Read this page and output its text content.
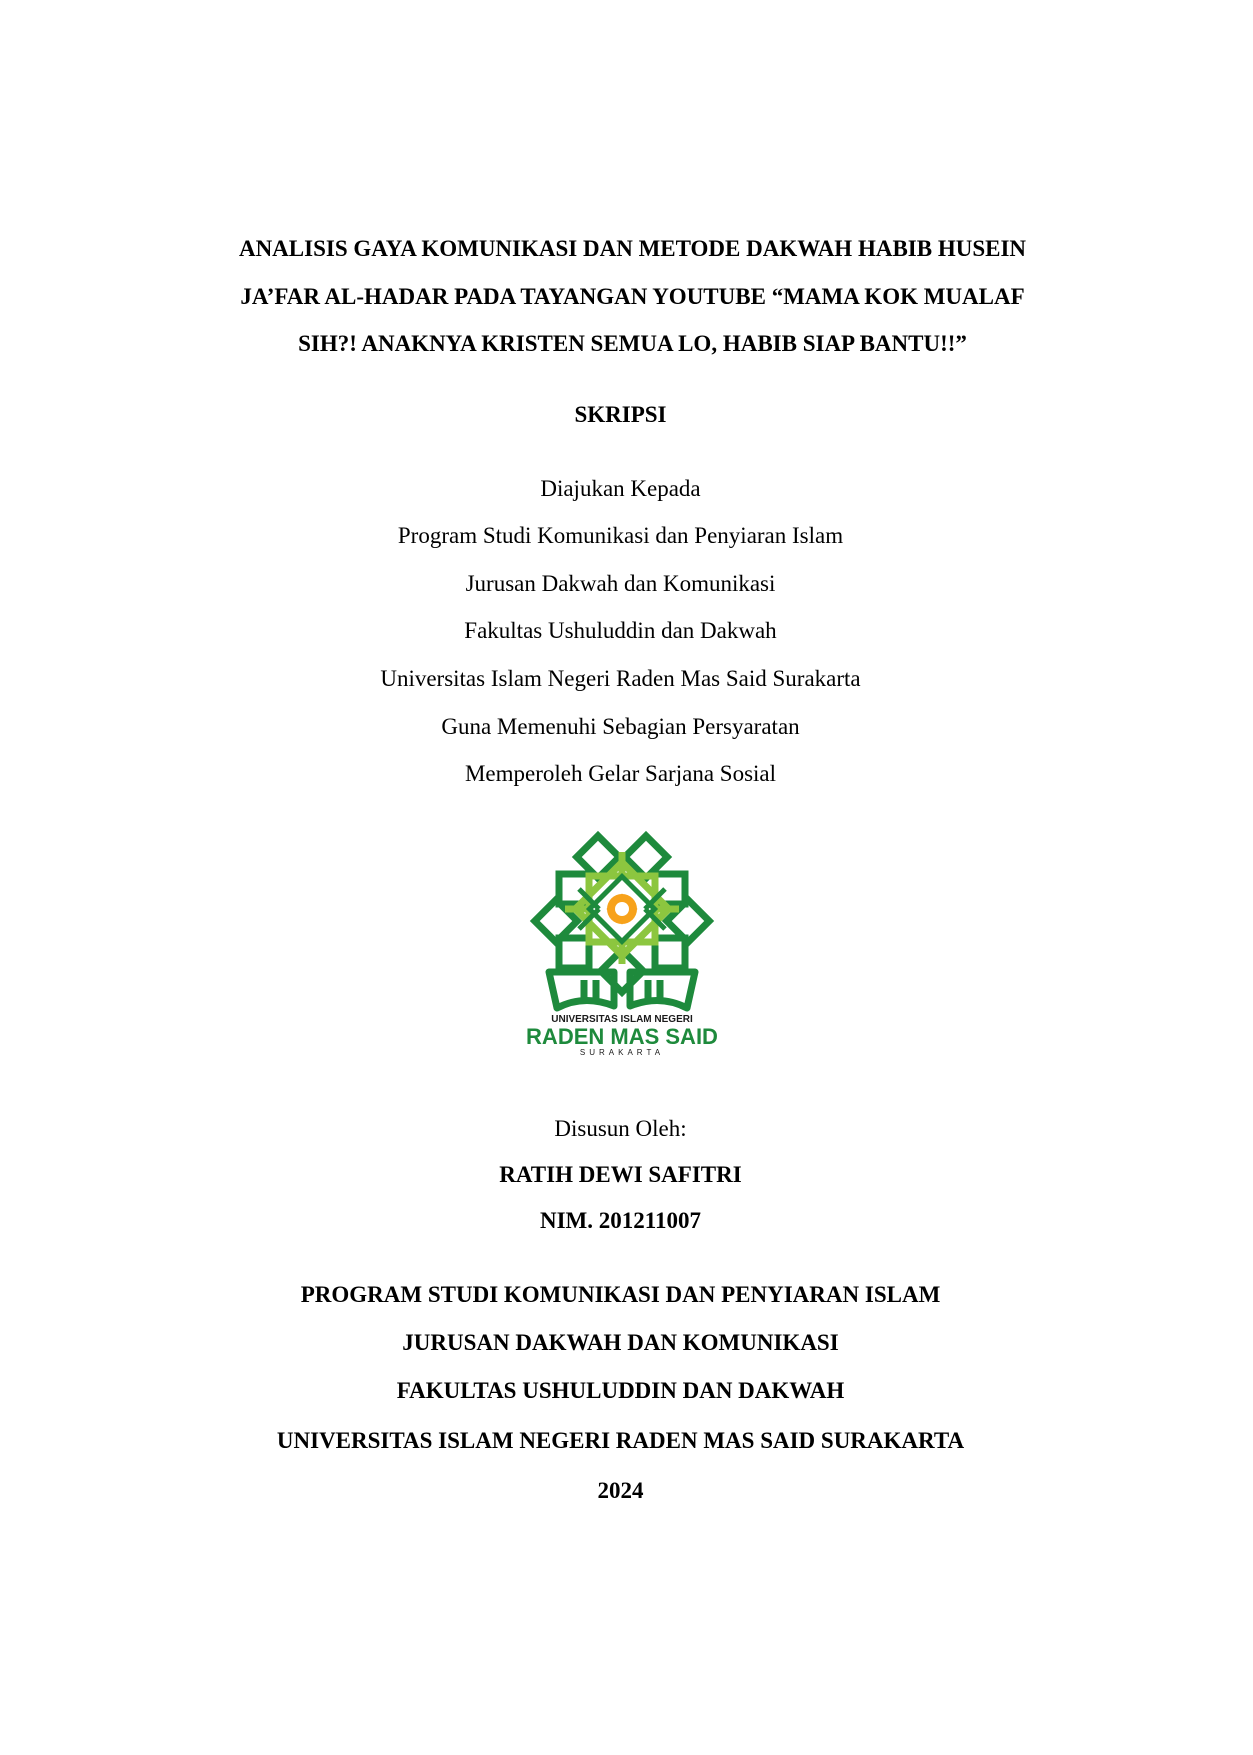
ANALISIS GAYA KOMUNIKASI DAN METODE DAKWAH HABIB HUSEIN
JA’FAR AL-HADAR PADA TAYANGAN YOUTUBE “MAMA KOK MUALAF
SIH?! ANAKNYA KRISTEN SEMUA LO, HABIB SIAP BANTU!!”
SKRIPSI
Diajukan Kepada
Program Studi Komunikasi dan Penyiaran Islam
Jurusan Dakwah dan Komunikasi
Fakultas Ushuluddin dan Dakwah
Universitas Islam Negeri Raden Mas Said Surakarta
Guna Memenuhi Sebagian Persyaratan
Memperoleh Gelar Sarjana Sosial
UNIVERSITAS ISLAM NEGERI
RADEN MAS SAID
SURAKARTA
Disusun Oleh:
RATIH DEWI SAFITRI
NIM. 201211007
PROGRAM STUDI KOMUNIKASI DAN PENYIARAN ISLAM
JURUSAN DAKWAH DAN KOMUNIKASI
FAKULTAS USHULUDDIN DAN DAKWAH
UNIVERSITAS ISLAM NEGERI RADEN MAS SAID SURAKARTA
2024
